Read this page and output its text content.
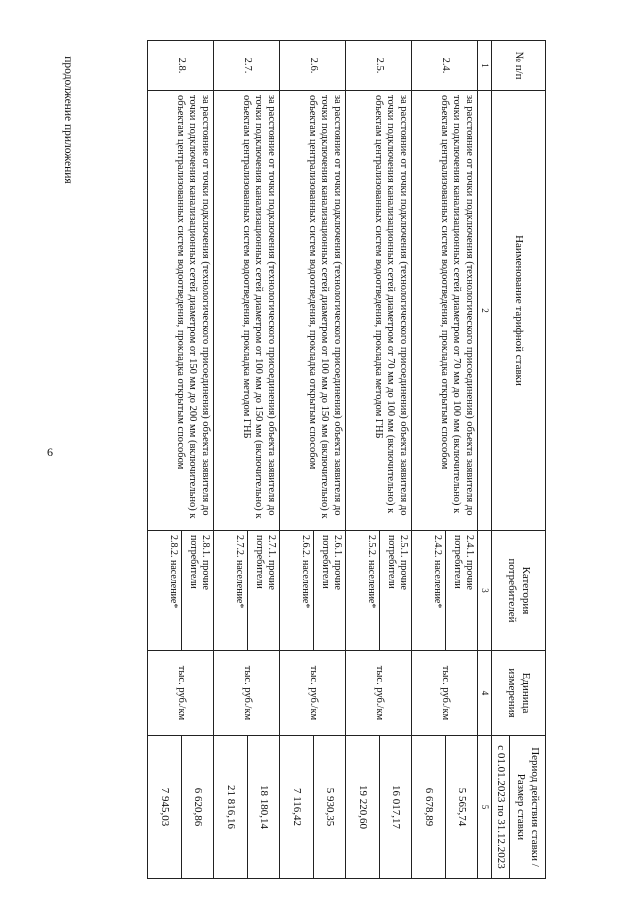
6
продолжение приложения	№ п/п	Наименование тарифной ставки	Категория потребителей	Единица измерения	Период действия ставки /Размер ставки
				с 01.01.2023 по 31.12.2023
1	2	3	4	5
2.4.	за расстояние от точки подключения (технологического присоединения) объекта заявителя до точки подключения канализационных сетей диаметром от 70 мм до 100 мм (включительно) к объектам централизованных систем водоотведения, прокладка открытым способом	2.4.1. прочие потребители	тыс. руб./км	5 565,74
		2.4.2. население*		6 678,89
2.5.	за расстояние от точки подключения (технологического присоединения) объекта заявителя до точки подключения канализационных сетей диаметром от 70 мм до 100 мм (включительно) к объектам централизованных систем водоотведения, прокладка методом ГНБ	2.5.1. прочие потребители	тыс. руб./км	16 017,17
		2.5.2. население*		19 220,60
2.6.	за расстояние от точки подключения (технологического присоединения) объекта заявителя до точки подключения канализационных сетей диаметром от 100 мм до 150 мм (включительно) к объектам централизованных систем водоотведения, прокладка открытым способом	2.6.1. прочие потребители	тыс. руб./км	5 930,35
		2.6.2. население*		7 116,42
2.7.	за расстояние от точки подключения (технологического присоединения) объекта заявителя до точки подключения канализационных сетей диаметром от 100 мм до 150 мм (включительно) к объектам централизованных систем водоотведения, прокладка методом ГНБ	2.7.1. прочие потребители	тыс. руб./км	18 180,14
		2.7.2. население*		21 816,16
2.8.	за расстояние от точки подключения (технологического присоединения) объекта заявителя до точки подключения канализационных сетей диаметром от 150 мм до 200 мм (включительно) к объектам централизованных систем водоотведения, прокладка открытым способом	2.8.1. прочие потребители	тыс. руб./км	6 620,86
		2.8.2. население*		7 945,03
